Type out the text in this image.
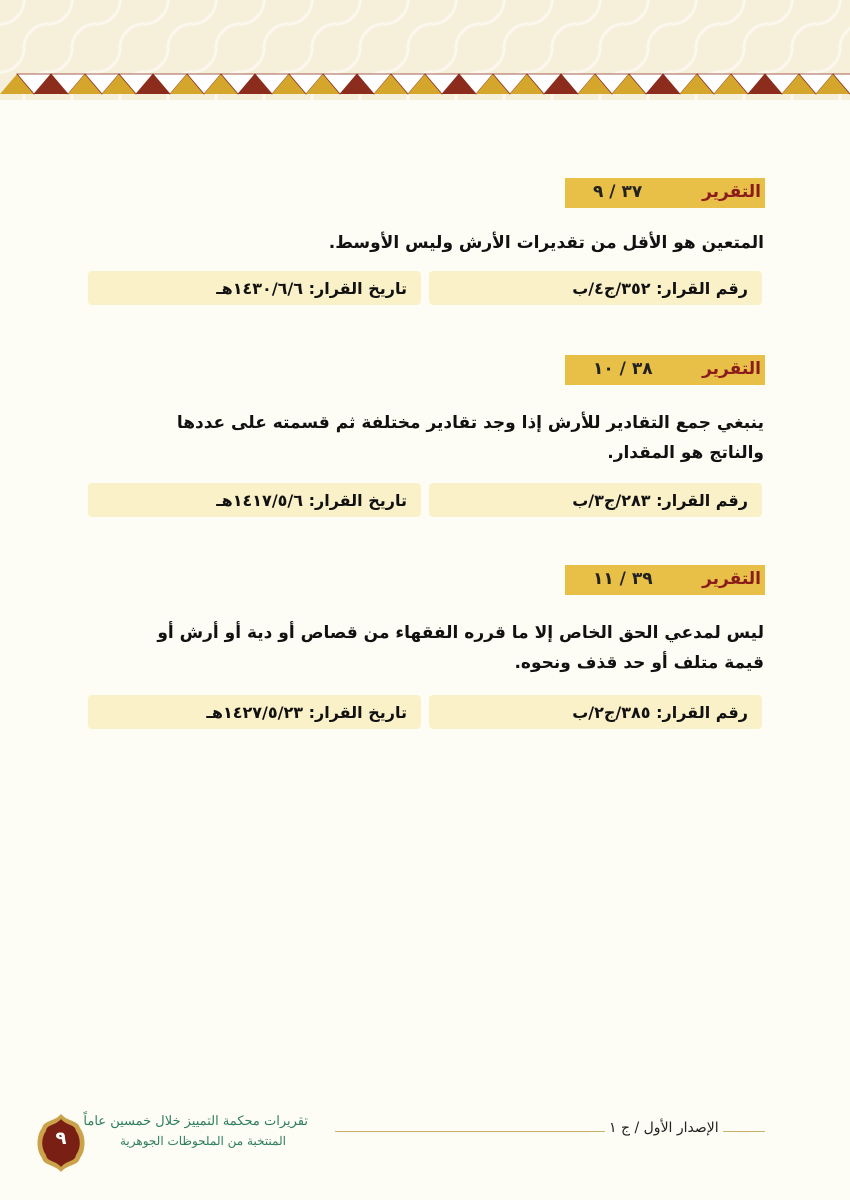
التقرير
٣٧ / ٩
المتعين هو الأقل من تقديرات الأرش وليس الأوسط.
رقم القرار: ٣٥٢/ج٤/ب
تاريخ القرار: ١٤٣٠/٦/٦هـ
التقرير
٣٨ / ١٠
ينبغي جمع التقادير للأرش إذا وجد تقادير مختلفة ثم قسمته على عددها
والناتج هو المقدار.
رقم القرار: ٢٨٣/ج٣/ب
تاريخ القرار: ١٤١٧/٥/٦هـ
التقرير
٣٩ / ١١
ليس لمدعي الحق الخاص إلا ما قرره الفقهاء من قصاص أو دية أو أرش أو
قيمة متلف أو حد قذف ونحوه.
رقم القرار: ٣٨٥/ج٢/ب
تاريخ القرار: ١٤٢٧/٥/٢٣هـ
الإصدار الأول / ج ١
٩
تقريرات محكمة التمييز خلال خمسين عاماً
المنتخبة من الملحوظات الجوهرية
